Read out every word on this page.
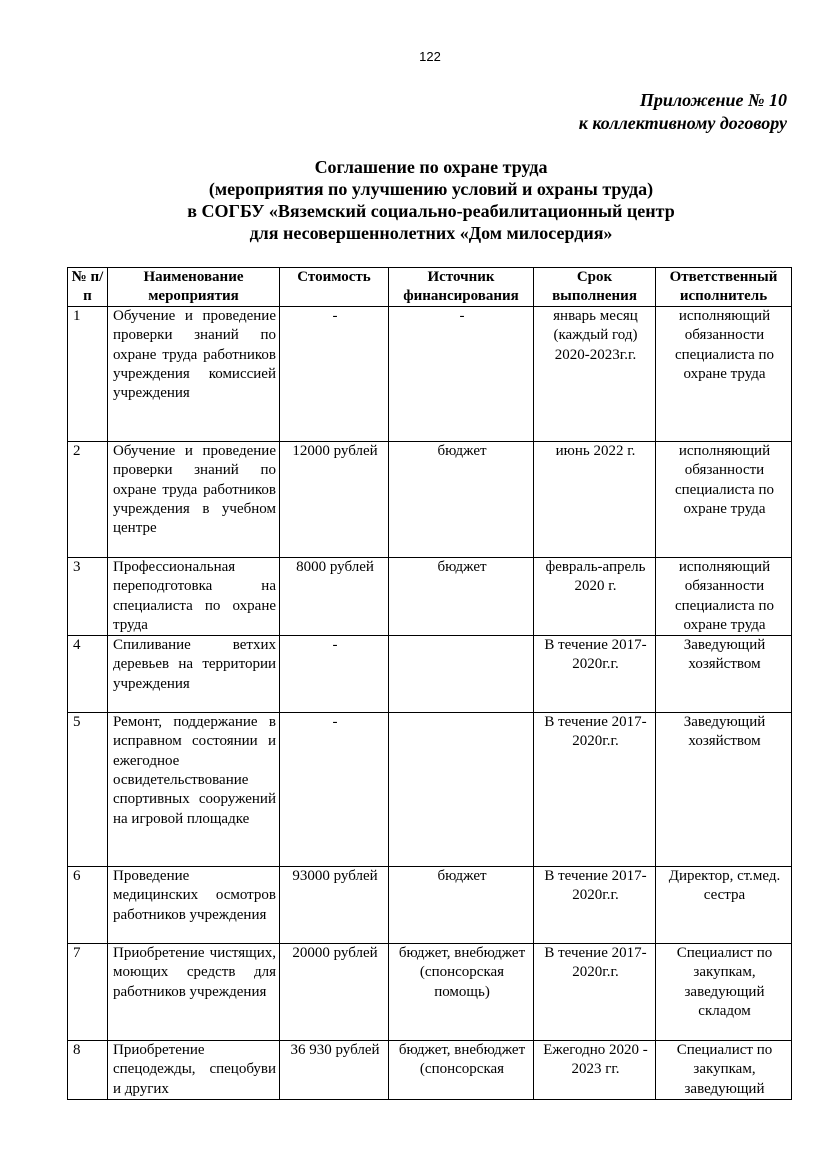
122
Приложение № 10
к коллективному договору
Соглашение по охране труда
(мероприятия по улучшению условий и охраны труда)
в СОГБУ «Вяземский социально-реабилитационный центр
для несовершеннолетних «Дом милосердия»
№ п/п	Наименование мероприятия	Стоимость	Источник финансирования	Срок выполнения	Ответственный исполнитель
1	Обучение и проведение проверки знаний по охране труда работников учреждения комиссией учреждения	-	-	январь месяц (каждый год) 2020-2023г.г.	исполняющий обязанности специалиста по охране труда
2	Обучение и проведение проверки знаний по охране труда работников учреждения в учебном центре	12000 рублей	бюджет	июнь 2022 г.	исполняющий обязанности специалиста по охране труда
3	Профессиональная переподготовка на специалиста по охране труда	8000 рублей	бюджет	февраль-апрель 2020 г.	исполняющий обязанности специалиста по охране труда
4	Спиливание ветхих деревьев на территории учреждения	-		В течение 2017-2020г.г.	Заведующий хозяйством
5	Ремонт, поддержание в исправном состоянии и ежегодное освидетельствование спортивных сооружений на игровой площадке	-		В течение 2017-2020г.г.	Заведующий хозяйством
6	Проведение медицинских осмотров работников учреждения	93000 рублей	бюджет	В течение 2017-2020г.г.	Директор, ст.мед. сестра
7	Приобретение чистящих, моющих средств для работников учреждения	20000 рублей	бюджет, внебюджет (спонсорская помощь)	В течение 2017-2020г.г.	Специалист по закупкам, заведующий складом
8	Приобретение спецодежды, спецобуви и других	36 930 рублей	бюджет, внебюджет (спонсорская	Ежегодно 2020 - 2023 гг.	Специалист по закупкам, заведующий
